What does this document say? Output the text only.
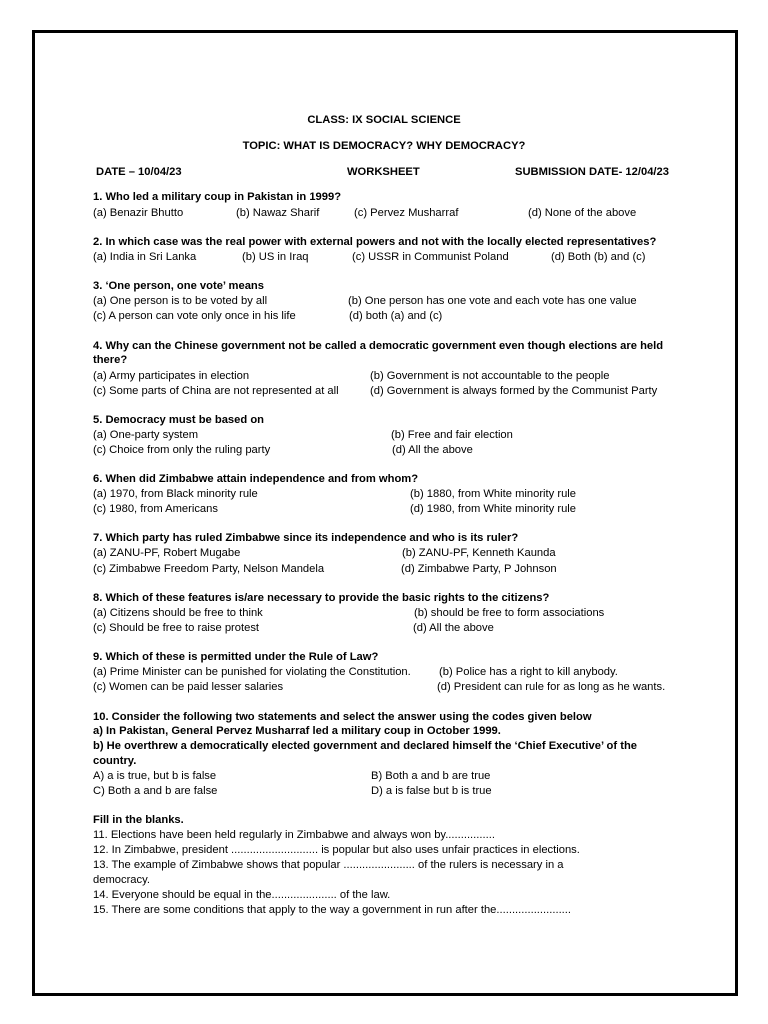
CLASS: IX SOCIAL SCIENCE
TOPIC: WHAT IS DEMOCRACY? WHY DEMOCRACY?
DATE – 10/04/23	WORKSHEET	SUBMISSION DATE- 12/04/23
1. Who led a military coup in Pakistan in 1999?
(a) Benazir Bhutto	(b) Nawaz Sharif	(c) Pervez Musharraf	(d) None of the above
2. In which case was the real power with external powers and not with the locally elected representatives?
(a) India in Sri Lanka	(b) US in Iraq	(c) USSR in Communist Poland	(d) Both (b) and (c)
3. ‘One person, one vote’ means
(a) One person is to be voted by all	(b) One person has one vote and each vote has one value
(c) A person can vote only once in his life	(d) both (a) and (c)
4. Why can the Chinese government not be called a democratic government even though elections are held
there?
(a) Army participates in election	(b) Government is not accountable to the people
(c) Some parts of China are not represented at all	(d) Government is always formed by the Communist Party
5. Democracy must be based on
(a) One-party system	(b) Free and fair election
(c) Choice from only the ruling party	(d) All the above
6. When did Zimbabwe attain independence and from whom?
(a) 1970, from Black minority rule	(b) 1880, from White minority rule
(c) 1980, from Americans	(d) 1980, from White minority rule
7. Which party has ruled Zimbabwe since its independence and who is its ruler?
(a) ZANU-PF, Robert Mugabe	(b) ZANU-PF, Kenneth Kaunda
(c) Zimbabwe Freedom Party, Nelson Mandela	(d) Zimbabwe Party, P Johnson
8. Which of these features is/are necessary to provide the basic rights to the citizens?
(a) Citizens should be free to think	(b) should be free to form associations
(c) Should be free to raise protest	(d) All the above
9. Which of these is permitted under the Rule of Law?
(a) Prime Minister can be punished for violating the Constitution.	(b) Police has a right to kill anybody.
(c) Women can be paid lesser salaries	(d) President can rule for as long as he wants.
10. Consider the following two statements and select the answer using the codes given below
a) In Pakistan, General Pervez Musharraf led a military coup in October 1999.
b) He overthrew a democratically elected government and declared himself the ‘Chief Executive’ of the
country.
A) a is true, but b is false	B) Both a and b are true
C) Both a and b are false	D) a is false but b is true
Fill in the blanks.
11. Elections have been held regularly in Zimbabwe and always won by................
12. In Zimbabwe, president ............................ is popular but also uses unfair practices in elections.
13. The example of Zimbabwe shows that popular ....................... of the rulers is necessary in a
democracy.
14. Everyone should be equal in the..................... of the law.
15. There are some conditions that apply to the way a government in run after the........................
